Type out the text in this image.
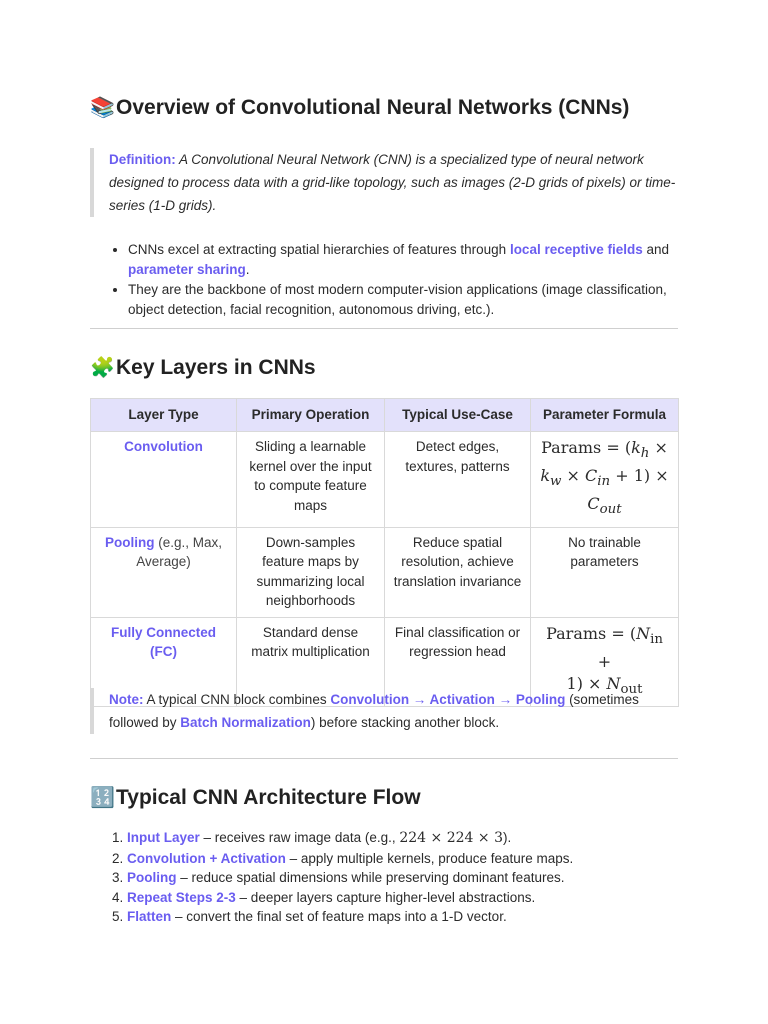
📚Overview of Convolutional Neural Networks (CNNs)
Definition: A Convolutional Neural Network (CNN) is a specialized type of neural network designed to process data with a grid-like topology, such as images (2-D grids of pixels) or time-series (1-D grids).
• CNNs excel at extracting spatial hierarchies of features through local receptive fields and parameter sharing.
• They are the backbone of most modern computer-vision applications (image classification, object detection, facial recognition, autonomous driving, etc.).
🧩Key Layers in CNNs
Layer Type	Primary Operation	Typical Use-Case	Parameter Formula
Convolution	Sliding a learnable kernel over the input to compute feature maps	Detect edges, textures, patterns	Params = ($k_h$ ×
$k_w \times C_{in} + 1$) ×
$C_{out}$
Pooling (e.g., Max, Average)	Down-samples feature maps by summarizing local neighborhoods	Reduce spatial resolution, achieve translation invariance	No trainable parameters
Fully Connected (FC)	Standard dense matrix multiplication	Final classification or regression head	Params = ($N_{in}$ +
$1) \times N_{out}$
Note: A typical CNN block combines Convolution → Activation → Pooling (sometimes followed by Batch Normalization) before stacking another block.
🔢Typical CNN Architecture Flow
1. Input Layer – receives raw image data (e.g., 224 × 224 × 3).
2. Convolution + Activation – apply multiple kernels, produce feature maps.
3. Pooling – reduce spatial dimensions while preserving dominant features.
4. Repeat Steps 2-3 – deeper layers capture higher-level abstractions.
5. Flatten – convert the final set of feature maps into a 1-D vector.
